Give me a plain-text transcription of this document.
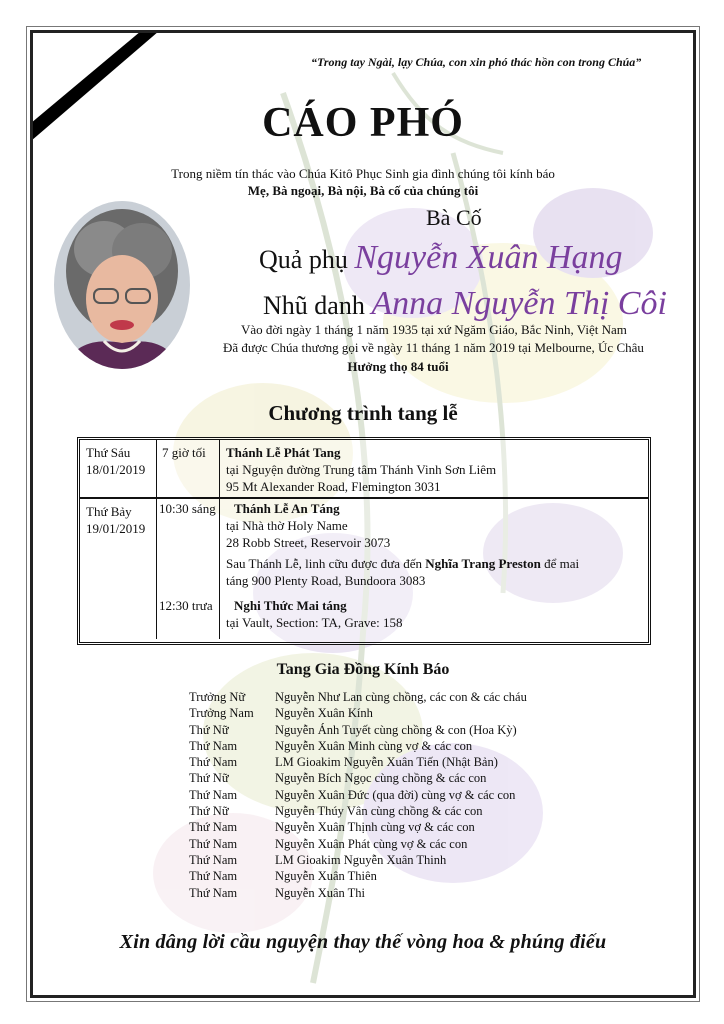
“Trong tay Ngài, lạy Chúa, con xin phó thác hồn con trong Chúa”
CÁO PHÓ
Trong niềm tín thác vào Chúa Kitô Phục Sinh gia đình chúng tôi kính báo
Mẹ, Bà ngoại, Bà nội, Bà cố của chúng tôi
Bà Cố
Quả phụ Nguyễn Xuân Hạng
Nhũ danh Anna Nguyễn Thị Côi
Vào đời ngày 1 tháng 1 năm 1935 tại xứ Ngăm Giáo, Bắc Ninh, Việt Nam
Đã được Chúa thương gọi về ngày 11 tháng 1 năm 2019 tại Melbourne, Úc Châu
Hưởng thọ 84 tuổi
Chương trình tang lễ
Thứ Sáu
18/01/2019
7 giờ tối Thánh Lễ Phát Tang
tại Nguyện đường Trung tâm Thánh Vinh Sơn Liêm
95 Mt Alexander Road, Flemington 3031
Thứ Bảy
19/01/2019
10:30 sáng Thánh Lễ An Táng
tại Nhà thờ Holy Name
28 Robb Street, Reservoir 3073
Sau Thánh Lễ, linh cữu được đưa đến Nghĩa Trang Preston để mai
táng 900 Plenty Road, Bundoora 3083
12:30 trưa Nghi Thức Mai táng
tại Vault, Section: TA, Grave: 158
Tang Gia Đồng Kính Báo
Trưởng Nữ Nguyễn Như Lan cùng chồng, các con & các cháu
Trưởng Nam Nguyễn Xuân Kính
Thứ Nữ	Nguyễn Ánh Tuyết cùng chồng & con (Hoa Kỳ)
Thứ Nam	Nguyễn Xuân Minh cùng vợ & các con
Thứ Nam	LM Gioakim Nguyễn Xuân Tiến (Nhật Bản)
Thứ Nữ	Nguyễn Bích Ngọc cùng chồng & các con
Thứ Nam	Nguyễn Xuân Đức (qua đời) cùng vợ & các con
Thứ Nữ	Nguyễn Thúy Vân cùng chồng & các con
Thứ Nam	Nguyễn Xuân Thịnh cùng vợ & các con
Thứ Nam	Nguyễn Xuân Phát cùng vợ & các con
Thứ Nam	LM Gioakim Nguyễn Xuân Thinh
Thứ Nam	Nguyễn Xuân Thiên
Thứ Nam	Nguyễn Xuân Thi
Xin dâng lời cầu nguyện thay thế vòng hoa & phúng điếu
